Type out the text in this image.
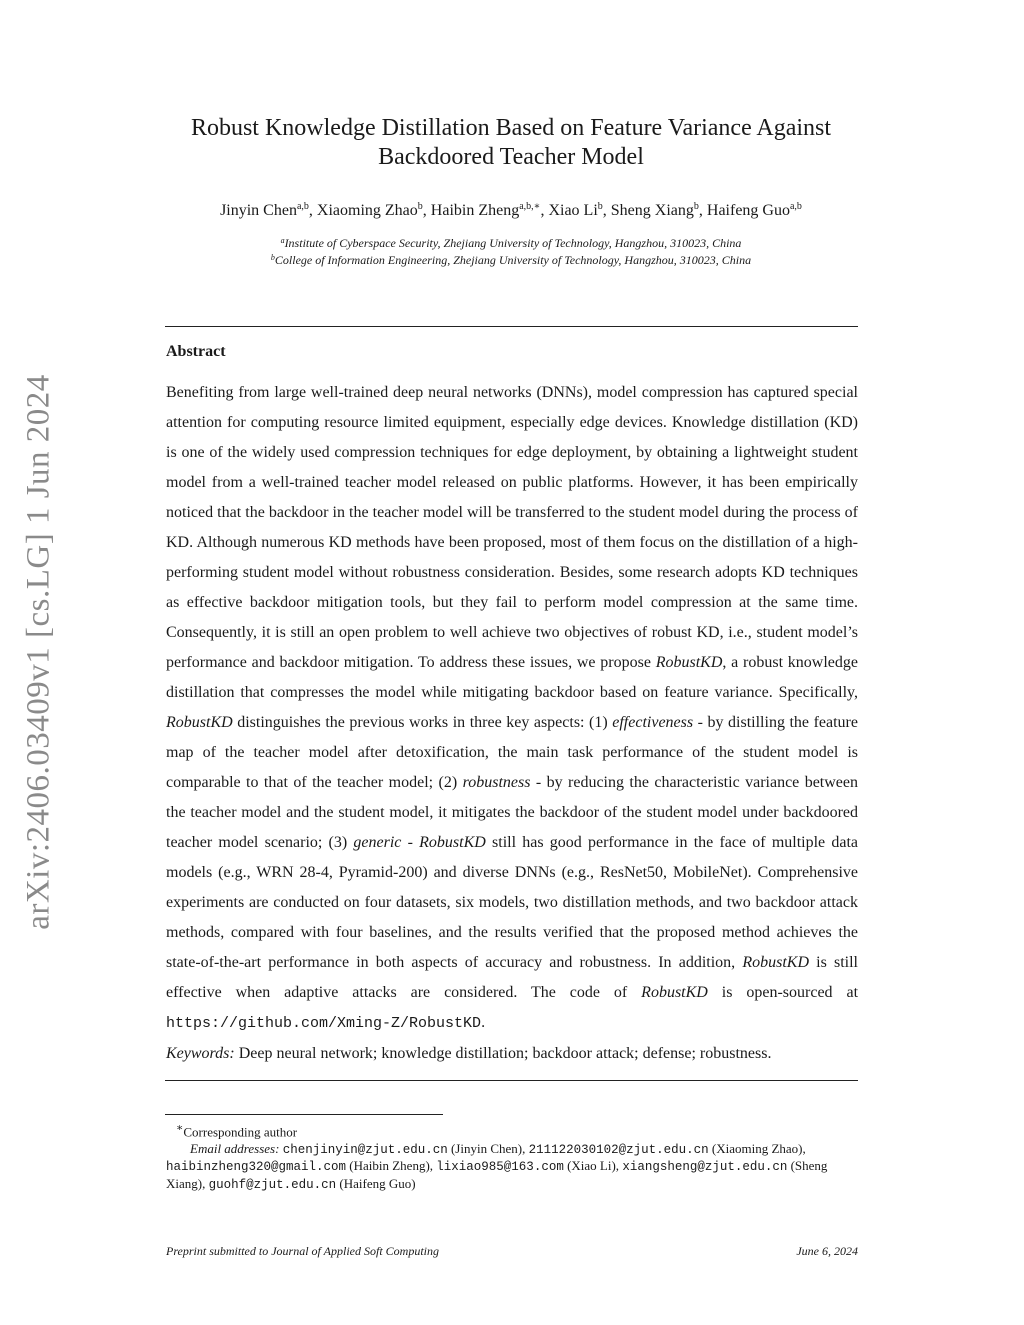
arXiv:2406.03409v1 [cs.LG] 1 Jun 2024
Robust Knowledge Distillation Based on Feature Variance Against
Backdoored Teacher Model
Jinyin Chen$^{a,b}$, Xiaoming Zhao$^b$, Haibin Zheng$^{a,b,∗}$, Xiao Li$^b$, Sheng Xiang$^b$, Haifeng Guo$^{a,b}$
$^a$Institute of Cyberspace Security, Zhejiang University of Technology, Hangzhou, 310023, China
$^b$College of Information Engineering, Zhejiang University of Technology, Hangzhou, 310023, China
Abstract

Benefiting from large well-trained deep neural networks (DNNs), model compression has captured special attention for computing resource limited equipment, especially edge devices. Knowledge distillation (KD) is one of the widely used compression techniques for edge deployment, by obtaining a lightweight student model from a well-trained teacher model released on public platforms. However, it has been empirically noticed that the backdoor in the teacher model will be transferred to the student model during the process of KD. Although numerous KD methods have been proposed, most of them focus on the distillation of a high-performing student model without robustness consideration. Besides, some research adopts KD techniques as effective backdoor mitigation tools, but they fail to perform model compression at the same time. Consequently, it is still an open problem to well achieve two objectives of robust KD, i.e., student model’s performance and backdoor mitigation. To address these issues, we propose RobustKD, a robust knowledge distillation that compresses the model while mitigating backdoor based on feature variance. Specifically, RobustKD distinguishes the previous works in three key aspects: (1) effectiveness - by distilling the feature map of the teacher model after detoxification, the main task performance of the student model is comparable to that of the teacher model; (2) robustness - by reducing the characteristic variance between the teacher model and the student model, it mitigates the backdoor of the student model under backdoored teacher model scenario; (3) generic - RobustKD still has good performance in the face of multiple data models (e.g., WRN 28-4, Pyramid-200) and diverse DNNs (e.g., ResNet50, MobileNet). Comprehensive experiments are conducted on four datasets, six models, two distillation methods, and two backdoor attack methods, compared with four baselines, and the results verified that the proposed method achieves the state-of-the-art performance in both aspects of accuracy and robustness. In addition, RobustKD is still effective when adaptive attacks are considered. The code of RobustKD is open-sourced at https://github.com/Xming-Z/RobustKD.

Keywords: Deep neural network; knowledge distillation; backdoor attack; defense; robustness.
∗Corresponding author
Email addresses: chenjinyin@zjut.edu.cn (Jinyin Chen), 211122030102@zjut.edu.cn (Xiaoming Zhao), haibinzheng320@gmail.com (Haibin Zheng), lixiao985@163.com (Xiao Li), xiangsheng@zjut.edu.cn (Sheng Xiang), guohf@zjut.edu.cn (Haifeng Guo)
Preprint submitted to Journal of Applied Soft Computing	June 6, 2024
